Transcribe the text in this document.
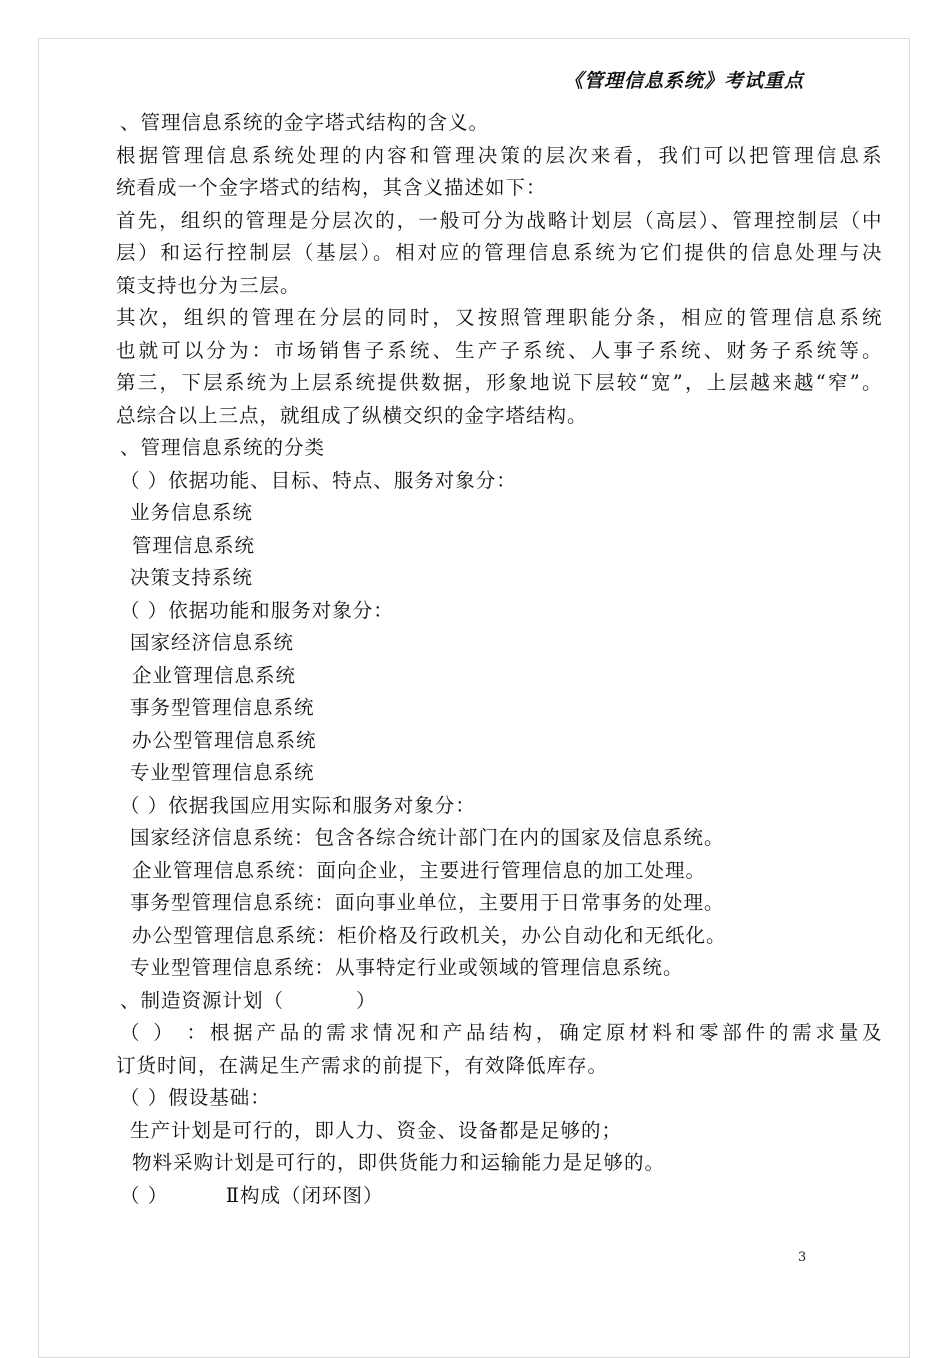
《管理信息系统》考试重点
、管理信息系统的金字塔式结构的含义。
根据管理信息系统处理的内容和管理决策的层次来看，我们可以把管理信息系
统看成一个金字塔式的结构，其含义描述如下：
首先，组织的管理是分层次的，一般可分为战略计划层（高层）、管理控制层（中
层）和运行控制层（基层）。相对应的管理信息系统为它们提供的信息处理与决
策支持也分为三层。
其次，组织的管理在分层的同时，又按照管理职能分条，相应的管理信息系统
也就可以分为：市场销售子系统、生产子系统、人事子系统、财务子系统等。
第三，下层系统为上层系统提供数据，形象地说下层较“宽”，上层越来越“窄”。
总综合以上三点，就组成了纵横交织的金字塔结构。
、管理信息系统的分类
（ ）依据功能、目标、特点、服务对象分：
业务信息系统
管理信息系统
决策支持系统
（ ）依据功能和服务对象分：
国家经济信息系统
企业管理信息系统
事务型管理信息系统
办公型管理信息系统
专业型管理信息系统
（ ）依据我国应用实际和服务对象分：
国家经济信息系统：包含各综合统计部门在内的国家及信息系统。
企业管理信息系统：面向企业，主要进行管理信息的加工处理。
事务型管理信息系统：面向事业单位，主要用于日常事务的处理。
办公型管理信息系统：柜价格及行政机关，办公自动化和无纸化。
专业型管理信息系统：从事特定行业或领域的管理信息系统。
、制造资源计划（          ）
（ ） ：根据产品的需求情况和产品结构，确定原材料和零部件的需求量及
订货时间，在满足生产需求的前提下，有效降低库存。
（ ）假设基础：
生产计划是可行的，即人力、资金、设备都是足够的；
物料采购计划是可行的，即供货能力和运输能力是足够的。
（ ）        Ⅱ构成（闭环图）
3
